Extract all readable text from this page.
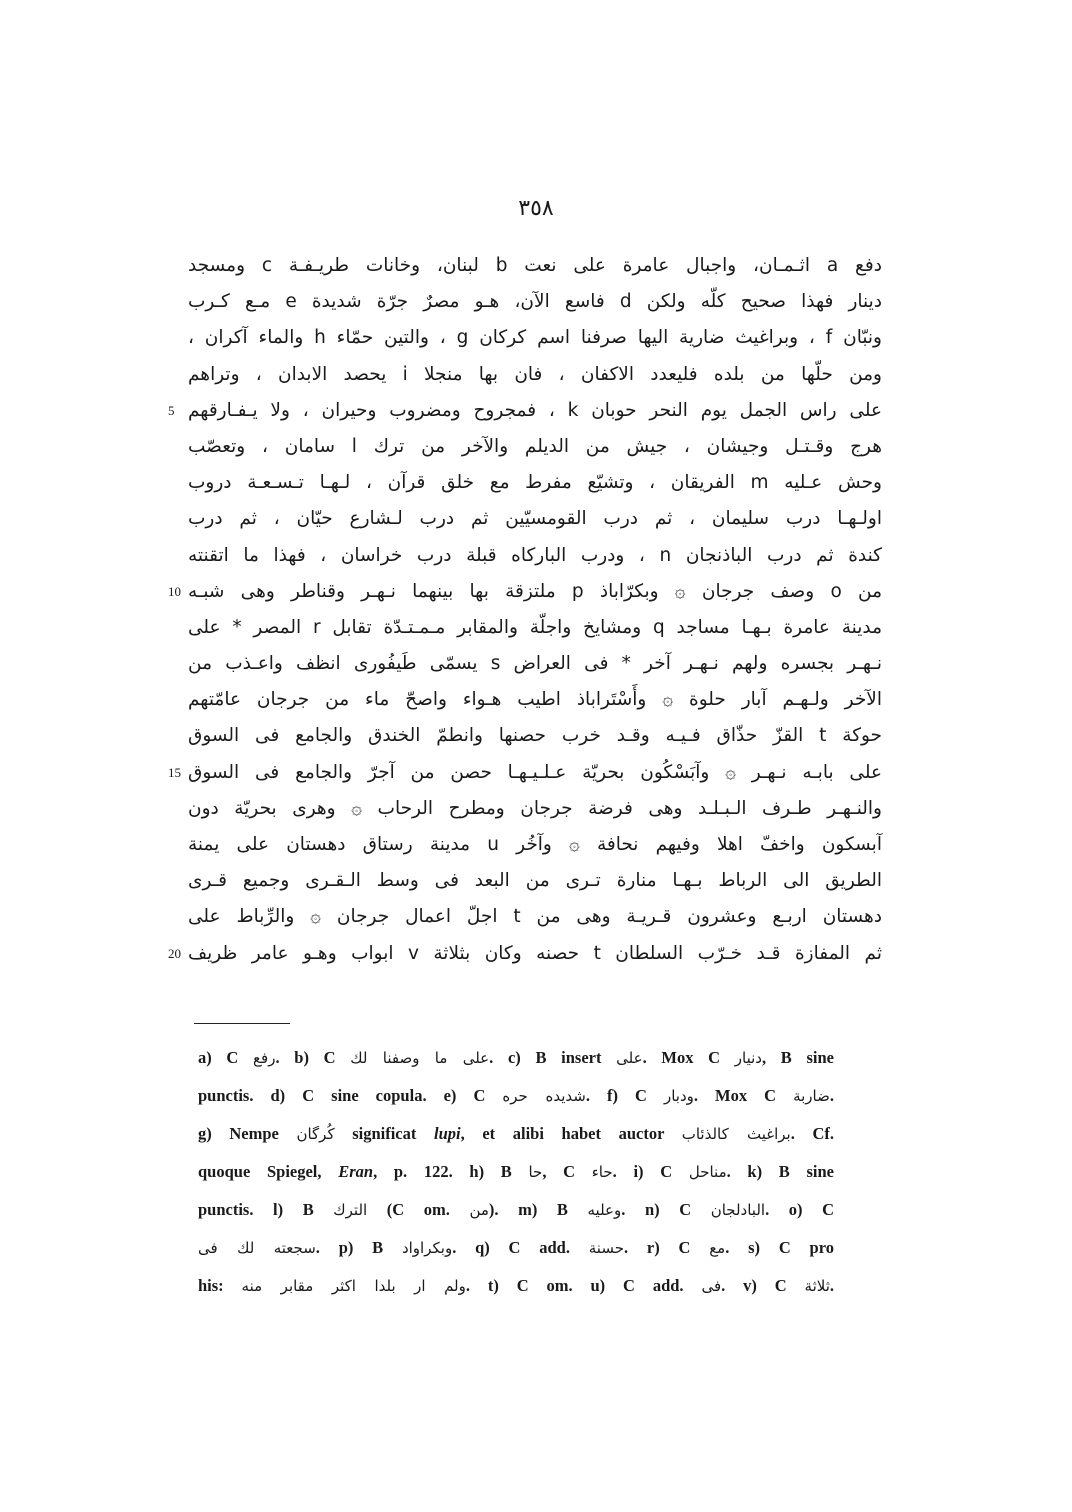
٣٥٨
دفع a اثـمـان، واجبال عامرة على نعت b لبنان، وخانات طريـفـة c ومسجد
دينار فهذا صحيح كلّه ولكن d فاسع الآن، هـو مصرٌ جرّة شديدة e مـع كـرب
ونبّان f ، وبراغيث ضارية اليها صرفنا اسم كركان g ، والتين حمّاء h والماء آكران ،
ومن حلّها من بلده فليعدد الاكفان ، فان بها منجلا i يحصد الابدان ، وتراهم
على راس الجمل يوم النحر حوبان k ، فمجروح ومضروب وحيران ، ولا يـفـارقهم
5
هرج وقـتـل وجيشان ، جيش من الديلم والآخر من ترك l سامان ، وتعصّب
وحش عـليه m الفريقان ، وتشيّع مفرط مع خلق قرآن ، لـهـا تـسـعـة دروب
اولـهـا درب سليمان ، ثم درب القومسيّين ثم درب لـشارع حيّان ، ثم درب
كندة ثم درب الباذنجان n ، ودرب الباركاه قبلة درب خراسان ، فهذا ما اتقنته
من o وصف جرجان ۞ وبكرّاباذ p ملتزقة بها بينهما نـهـر وقناطر وهى شبـه
10
مدينة عامرة بـهـا مساجد q ومشايخ واجلّة والمقابر مـمـتـدّة تقابل r المصر * على
نـهـر بجسره ولهم نـهـر آخر * فى العراض s يسمّى طَيفُورى انظف واعـذب من
الآخر ولـهـم آبار حلوة ۞ وأَسْتَراباذ اطيب هـواء واصحّ ماء من جرجان عامّتهم
حوكة t القزّ حذّاق فـيـه وقـد خرب حصنها وانطمّ الخندق والجامع فى السوق
على بابـه نـهـر ۞ وآبَسْكُون بحريّة عـلـيـهـا حصن من آجرّ والجامع فى السوق
15
والنـهـر طـرف الـبـلـد وهى فرضة جرجان ومطرح الرحاب ۞ وهرى بحريّة دون
آبسكون واخفّ اهلا وفيهم نحافة ۞ وآخُر u مدينة رستاق دهستان على يمنة
الطريق الى الرباط بـهـا منارة تـرى من البعد فى وسط الـقـرى وجميع قـرى
دهستان اربـع وعشرون قـريـة وهى من t اجلّ اعمال جرجان ۞ والرِّباط على
ثم المفازة قـد خـرّب السلطان t حصنه وكان بثلاثة v ابواب وهـو عامر ظريف
20
a) C رفع. b) C على ما وصفنا لك. c) B insert على. Mox C دنيار, B sine
punctis. d) C sine copula. e) C شديده حره. f) C ودبار. Mox C ضاربة.
g) Nempe كُرگان significat lupi, et alibi habet auctor براغيث كالذئاب. Cf.
quoque Spiegel, Eran, p. 122. h) B حا, C حاء. i) C مناحل. k) B sine
punctis. l) B الترك (C om. من). m) B وعليه. n) C البادلجان. o) C
سجعته لك فى. p) B وبكراواد. q) C add. حسنة. r) C مع. s) C pro
his: ولم ار بلدا اكثر مقابر منه. t) C om. u) C add. فى. v) C ثلاثة.
